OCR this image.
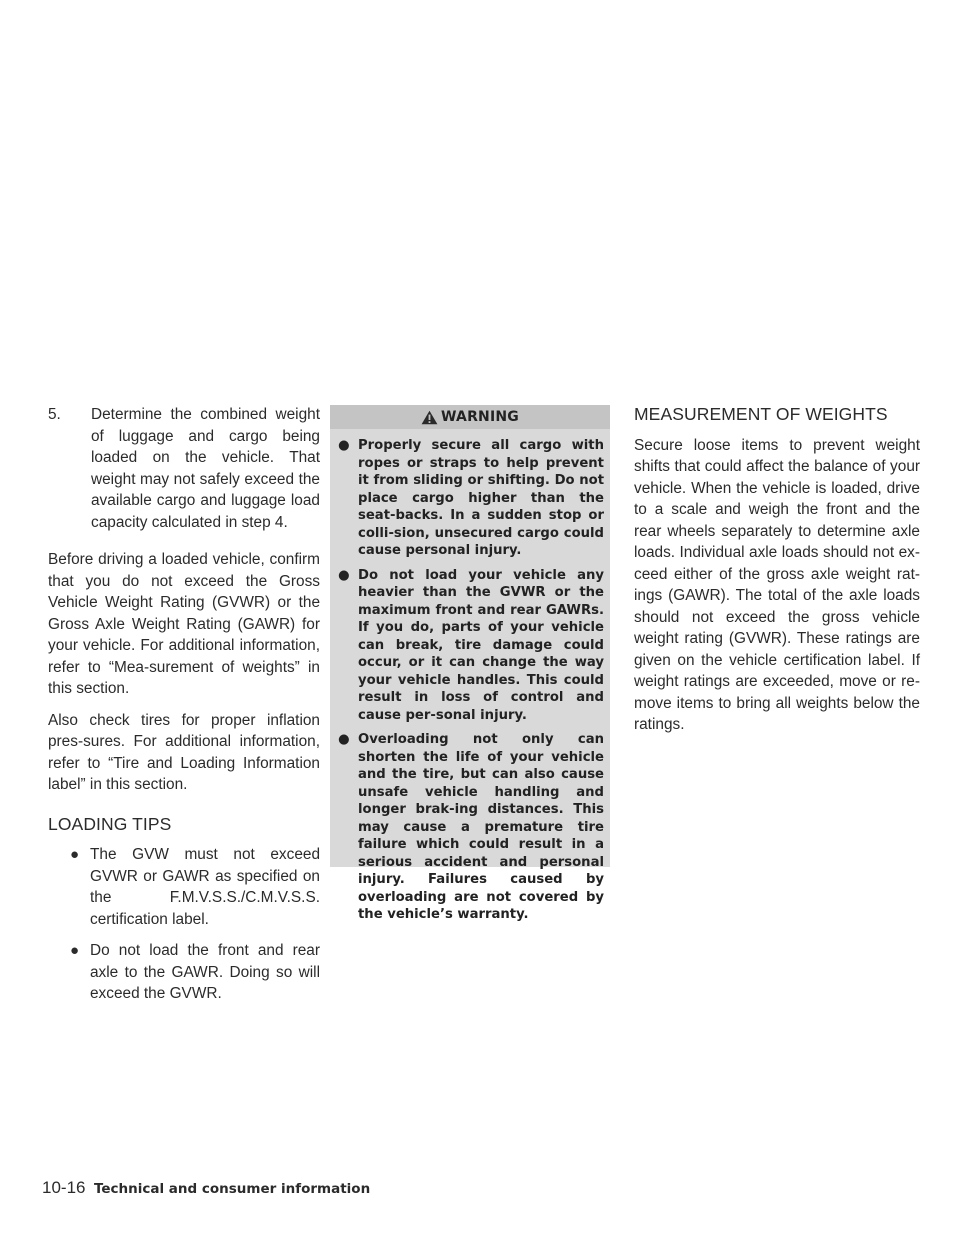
5. Determine the combined weight of luggage and cargo being loaded on the vehicle. That weight may not safely exceed the available cargo and luggage load capacity calculated in step 4.

Before driving a loaded vehicle, confirm that you do not exceed the Gross Vehicle Weight Rating (GVWR) or the Gross Axle Weight Rating (GAWR) for your vehicle. For additional information, refer to “Mea-surement of weights” in this section.

Also check tires for proper inflation pres-sures. For additional information, refer to “Tire and Loading Information label” in this section.

LOADING TIPS
● The GVW must not exceed GVWR or GAWR as specified on the F.M.V.S.S./C.M.V.S.S. certification label.
● Do not load the front and rear axle to the GAWR. Doing so will exceed the GVWR.
WARNING
● Properly secure all cargo with ropes or straps to help prevent it from sliding or shifting. Do not place cargo higher than the seat-backs. In a sudden stop or colli-sion, unsecured cargo could cause personal injury.
● Do not load your vehicle any heavier than the GVWR or the maximum front and rear GAWRs. If you do, parts of your vehicle can break, tire damage could occur, or it can change the way your vehicle handles. This could result in loss of control and cause per-sonal injury.
● Overloading not only can shorten the life of your vehicle and the tire, but can also cause unsafe vehicle handling and longer brak-ing distances. This may cause a premature tire failure which could result in a serious accident and personal injury. Failures caused by overloading are not covered by the vehicle’s warranty.
MEASUREMENT OF WEIGHTS

Secure loose items to prevent weight shifts that could affect the balance of your vehicle. When the vehicle is loaded, drive to a scale and weigh the front and the rear wheels separately to determine axle loads. Individual axle loads should not ex-ceed either of the gross axle weight rat-ings (GAWR). The total of the axle loads should not exceed the gross vehicle weight rating (GVWR). These ratings are given on the vehicle certification label. If weight ratings are exceeded, move or re-move items to bring all weights below the ratings.

10-16 Technical and consumer information
